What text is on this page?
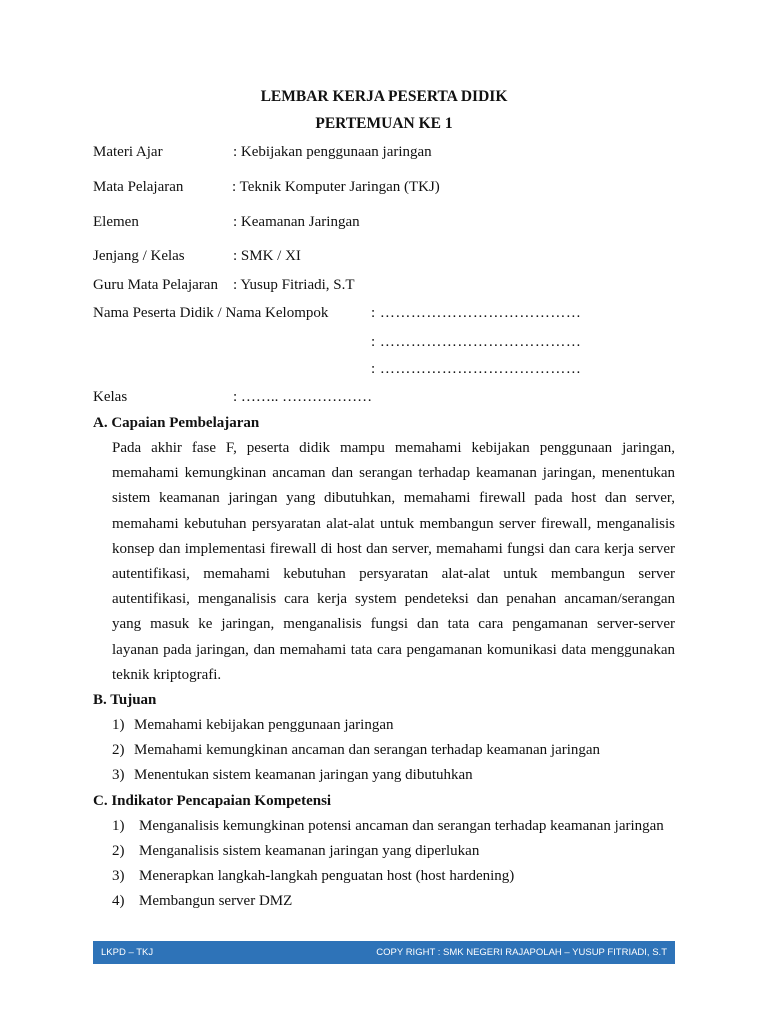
LEMBAR KERJA PESERTA DIDIK
PERTEMUAN KE 1
Materi Ajar	: Kebijakan penggunaan jaringan
Mata Pelajaran	: Teknik Komputer Jaringan (TKJ)
Elemen	: Keamanan Jaringan
Jenjang / Kelas	: SMK / XI
Guru Mata Pelajaran : Yusup Fitriadi, S.T
Nama Peserta Didik / Nama Kelompok	: …………………………………
: …………………………………
: …………………………………
Kelas	: …….. ………………
A. Capaian Pembelajaran
Pada akhir fase F, peserta didik mampu memahami kebijakan penggunaan jaringan,
memahami kemungkinan ancaman dan serangan terhadap keamanan jaringan, menentukan
sistem keamanan jaringan yang dibutuhkan, memahami firewall pada host dan server,
memahami kebutuhan persyaratan alat-alat untuk membangun server firewall, menganalisis
konsep dan implementasi firewall di host dan server, memahami fungsi dan cara kerja server
autentifikasi, memahami kebutuhan persyaratan alat-alat untuk membangun server
autentifikasi, menganalisis cara kerja system pendeteksi dan penahan ancaman/serangan
yang masuk ke jaringan, menganalisis fungsi dan tata cara pengamanan server-server
layanan pada jaringan, dan memahami tata cara pengamanan komunikasi data menggunakan
teknik kriptografi.
B. Tujuan
1) Memahami kebijakan penggunaan jaringan
2) Memahami kemungkinan ancaman dan serangan terhadap keamanan jaringan
3) Menentukan sistem keamanan jaringan yang dibutuhkan
C. Indikator Pencapaian Kompetensi
1) Menganalisis kemungkinan potensi ancaman dan serangan terhadap keamanan jaringan
2) Menganalisis sistem keamanan jaringan yang diperlukan
3) Menerapkan langkah-langkah penguatan host (host hardening)
4) Membangun server DMZ
LKPD – TKJ	COPY RIGHT : SMK NEGERI RAJAPOLAH – YUSUP FITRIADI, S.T
